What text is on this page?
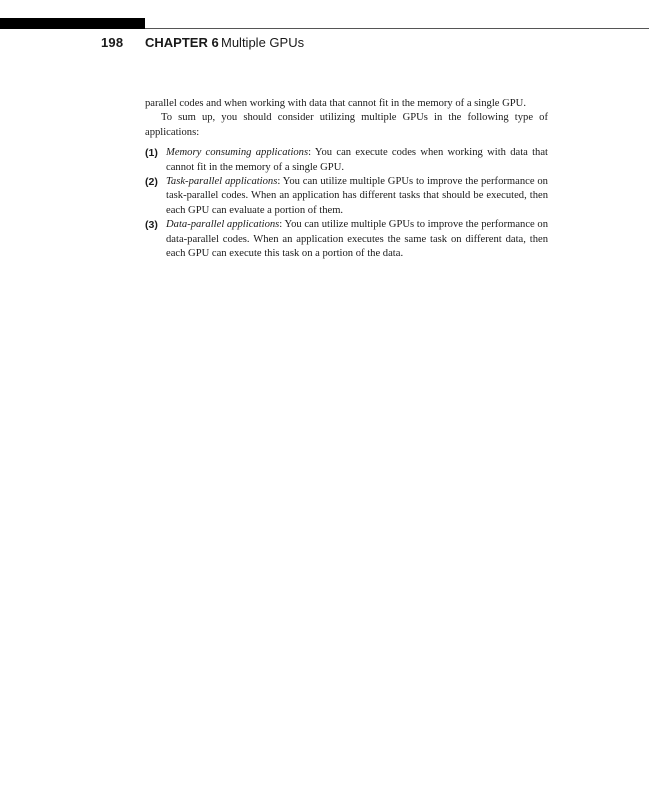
198 CHAPTER 6 Multiple GPUs

parallel codes and when working with data that cannot fit in the memory of a single GPU.

To sum up, you should consider utilizing multiple GPUs in the following type of applications:

(1) Memory consuming applications: You can execute codes when working with data that cannot fit in the memory of a single GPU.

(2) Task-parallel applications: You can utilize multiple GPUs to improve the performance on task-parallel codes. When an application has different tasks that should be executed, then each GPU can evaluate a portion of them.

(3) Data-parallel applications: You can utilize multiple GPUs to improve the performance on data-parallel codes. When an application executes the same task on different data, then each GPU can execute this task on a portion of the data.
